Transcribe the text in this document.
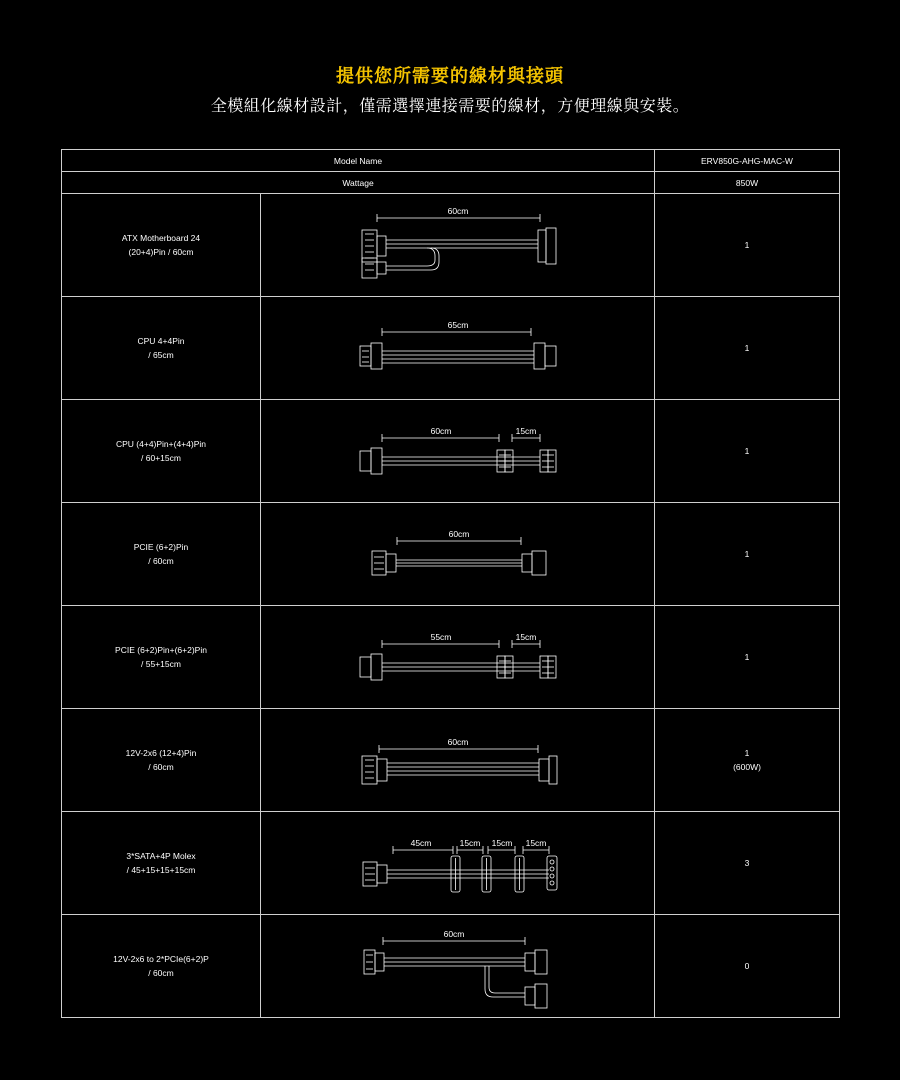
提供您所需要的線材與接頭
全模組化線材設計，僅需選擇連接需要的線材，方便理線與安裝。
Model Name		ERV850G-AHG-MAC-W
Wattage		850W

ATX Motherboard 24
(20+4)Pin / 60cm	60cm	1

CPU 4+4Pin
/ 65cm	65cm	1

CPU (4+4)Pin+(4+4)Pin
/ 60+15cm	60cm 15cm	1

PCIE (6+2)Pin
/ 60cm	60cm	1

PCIE (6+2)Pin+(6+2)Pin
/ 55+15cm	55cm 15cm	1

12V-2x6 (12+4)Pin
/ 60cm	60cm	1
(600W)

3*SATA+4P Molex
/ 45+15+15+15cm	45cm 15cm 15cm 15cm	3

12V-2x6 to 2*PCIe(6+2)P
/ 60cm	60cm	0
